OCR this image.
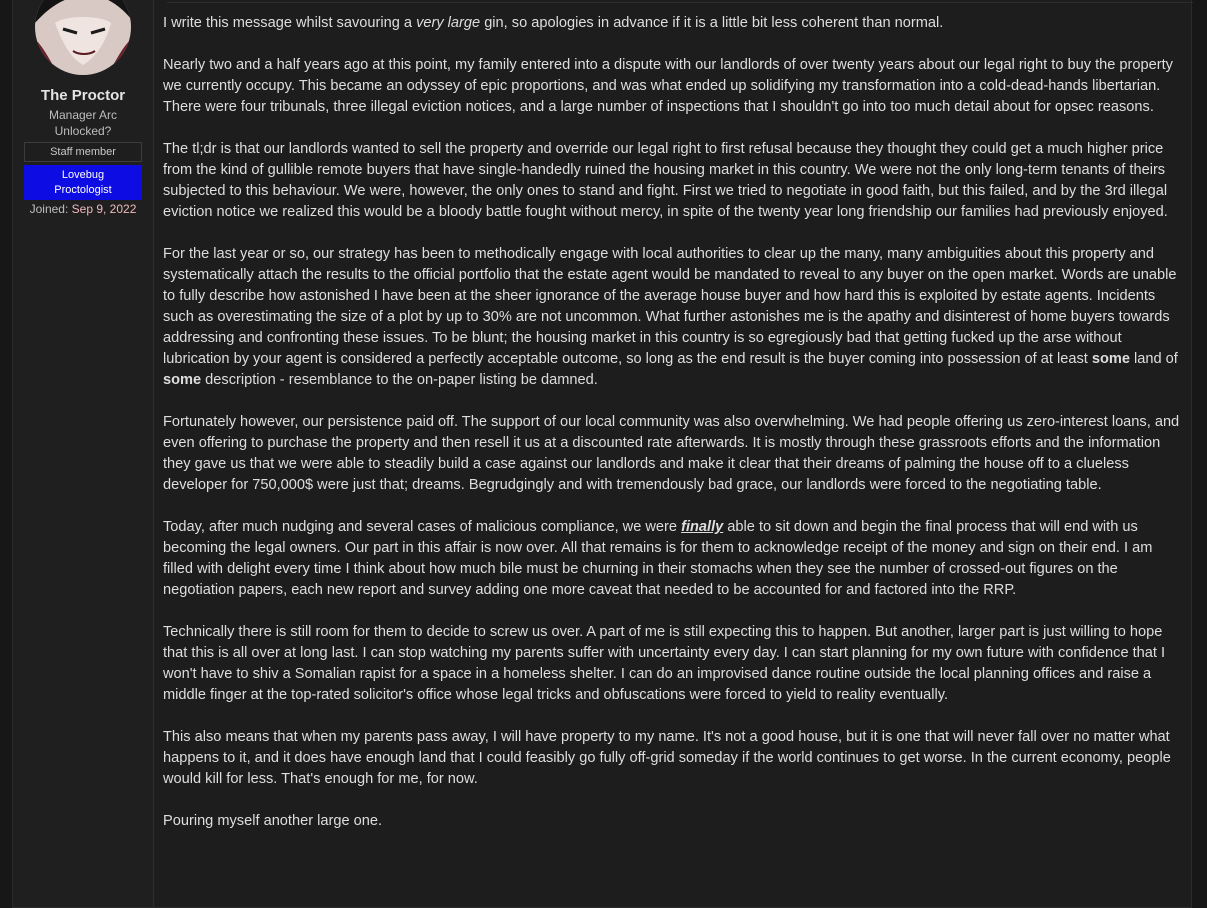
The Proctor
Manager Arc
Unlocked?
Staff member
Lovebug
Proctologist
Joined: Sep 9, 2022

I write this message whilst savouring a very large gin, so apologies in advance if it is a little bit less coherent than normal.

Nearly two and a half years ago at this point, my family entered into a dispute with our landlords of over twenty years about our legal right to buy the property we currently occupy. This became an odyssey of epic proportions, and was what ended up solidifying my transformation into a cold-dead-hands libertarian. There were four tribunals, three illegal eviction notices, and a large number of inspections that I shouldn't go into too much detail about for opsec reasons.

The tl;dr is that our landlords wanted to sell the property and override our legal right to first refusal because they thought they could get a much higher price from the kind of gullible remote buyers that have single-handedly ruined the housing market in this country. We were not the only long-term tenants of theirs subjected to this behaviour. We were, however, the only ones to stand and fight. First we tried to negotiate in good faith, but this failed, and by the 3rd illegal eviction notice we realized this would be a bloody battle fought without mercy, in spite of the twenty year long friendship our families had previously enjoyed.

For the last year or so, our strategy has been to methodically engage with local authorities to clear up the many, many ambiguities about this property and systematically attach the results to the official portfolio that the estate agent would be mandated to reveal to any buyer on the open market. Words are unable to fully describe how astonished I have been at the sheer ignorance of the average house buyer and how hard this is exploited by estate agents. Incidents such as overestimating the size of a plot by up to 30% are not uncommon. What further astonishes me is the apathy and disinterest of home buyers towards addressing and confronting these issues. To be blunt; the housing market in this country is so egregiously bad that getting fucked up the arse without lubrication by your agent is considered a perfectly acceptable outcome, so long as the end result is the buyer coming into possession of at least some land of some description - resemblance to the on-paper listing be damned.

Fortunately however, our persistence paid off. The support of our local community was also overwhelming. We had people offering us zero-interest loans, and even offering to purchase the property and then resell it us at a discounted rate afterwards. It is mostly through these grassroots efforts and the information they gave us that we were able to steadily build a case against our landlords and make it clear that their dreams of palming the house off to a clueless developer for 750,000$ were just that; dreams. Begrudgingly and with tremendously bad grace, our landlords were forced to the negotiating table.

Today, after much nudging and several cases of malicious compliance, we were finally able to sit down and begin the final process that will end with us becoming the legal owners. Our part in this affair is now over. All that remains is for them to acknowledge receipt of the money and sign on their end. I am filled with delight every time I think about how much bile must be churning in their stomachs when they see the number of crossed-out figures on the negotiation papers, each new report and survey adding one more caveat that needed to be accounted for and factored into the RRP.

Technically there is still room for them to decide to screw us over. A part of me is still expecting this to happen. But another, larger part is just willing to hope that this is all over at long last. I can stop watching my parents suffer with uncertainty every day. I can start planning for my own future with confidence that I won't have to shiv a Somalian rapist for a space in a homeless shelter. I can do an improvised dance routine outside the local planning offices and raise a middle finger at the top-rated solicitor's office whose legal tricks and obfuscations were forced to yield to reality eventually.

This also means that when my parents pass away, I will have property to my name. It's not a good house, but it is one that will never fall over no matter what happens to it, and it does have enough land that I could feasibly go fully off-grid someday if the world continues to get worse. In the current economy, people would kill for less. That's enough for me, for now.

Pouring myself another large one.
